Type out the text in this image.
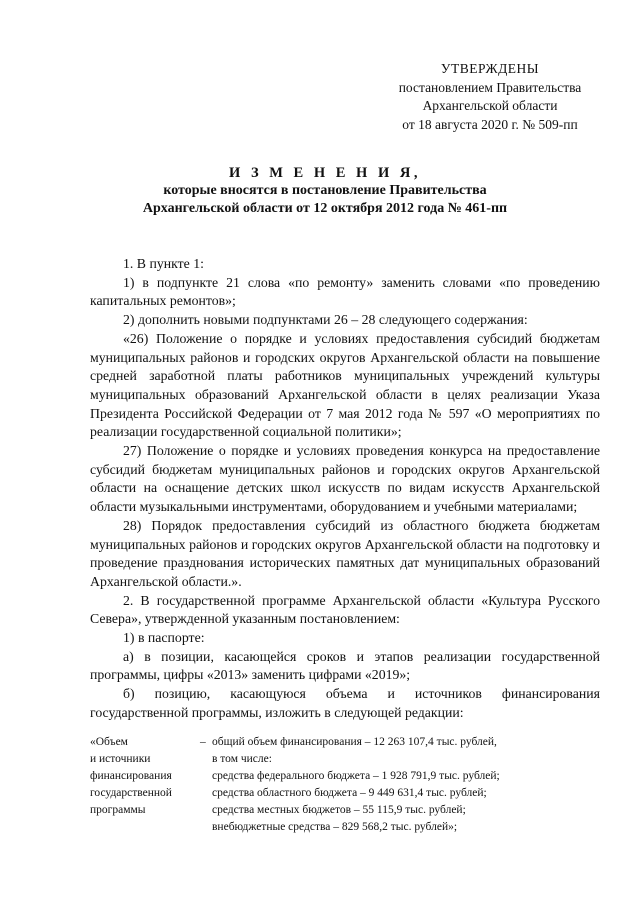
УТВЕРЖДЕНЫ
постановлением Правительства
Архангельской области
от 18 августа 2020 г. № 509-пп
И З М Е Н Е Н И Я,
которые вносятся в постановление Правительства
Архангельской области от 12 октября 2012 года № 461-пп

1. В пункте 1:

1) в подпункте 21 слова «по ремонту» заменить словами «по проведению капитальных ремонтов»;

2) дополнить новыми подпунктами 26 – 28 следующего содержания:

«26) Положение о порядке и условиях предоставления субсидий бюджетам муниципальных районов и городских округов Архангельской области на повышение средней заработной платы работников муниципальных учреждений культуры муниципальных образований Архангельской области в целях реализации Указа Президента Российской Федерации от 7 мая 2012 года № 597 «О мероприятиях по реализации государственной социальной политики»;

27) Положение о порядке и условиях проведения конкурса на предоставление субсидий бюджетам муниципальных районов и городских округов Архангельской области на оснащение детских школ искусств по видам искусств Архангельской области музыкальными инструментами, оборудованием и учебными материалами;

28) Порядок предоставления субсидий из областного бюджета бюджетам муниципальных районов и городских округов Архангельской области на подготовку и проведение празднования исторических памятных дат муниципальных образований Архангельской области.».

2. В государственной программе Архангельской области «Культура Русского Севера», утвержденной указанным постановлением:

1) в паспорте:

а) в позиции, касающейся сроков и этапов реализации государственной программы, цифры «2013» заменить цифрами «2019»;

б) позицию, касающуюся объема и источников финансирования государственной программы, изложить в следующей редакции:

«Объем
и источники
финансирования
государственной
программы
– общий объем финансирования – 12 263 107,4 тыс. рублей,
в том числе:
средства федерального бюджета – 1 928 791,9 тыс. рублей;
средства областного бюджета – 9 449 631,4 тыс. рублей;
средства местных бюджетов – 55 115,9 тыс. рублей;
внебюджетные средства – 829 568,2 тыс. рублей»;
